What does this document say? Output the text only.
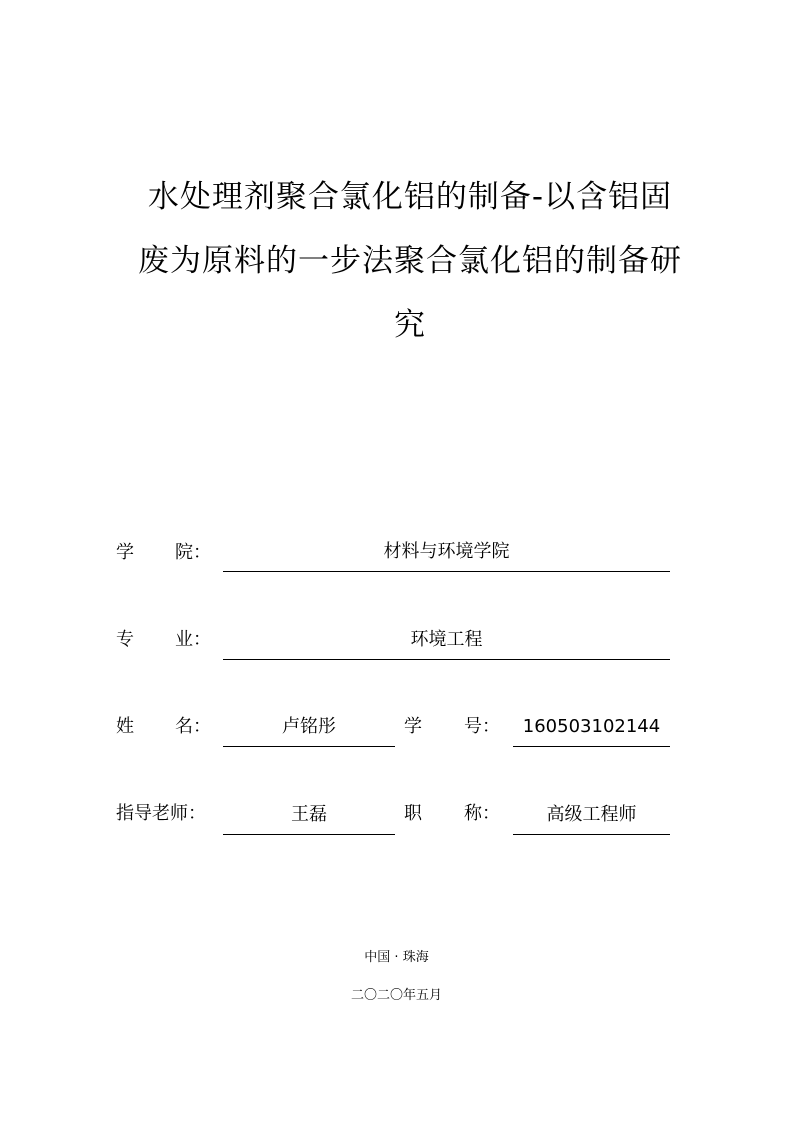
水处理剂聚合氯化铝的制备-以含铝固
废为原料的一步法聚合氯化铝的制备研
究
学 院：	材料与环境学院
专 业：	环境工程
姓 名：	卢铭彤	学 号：	160503102144
指导老师：	王磊	职 称：	高级工程师
中国 · 珠海
二〇二〇年五月
